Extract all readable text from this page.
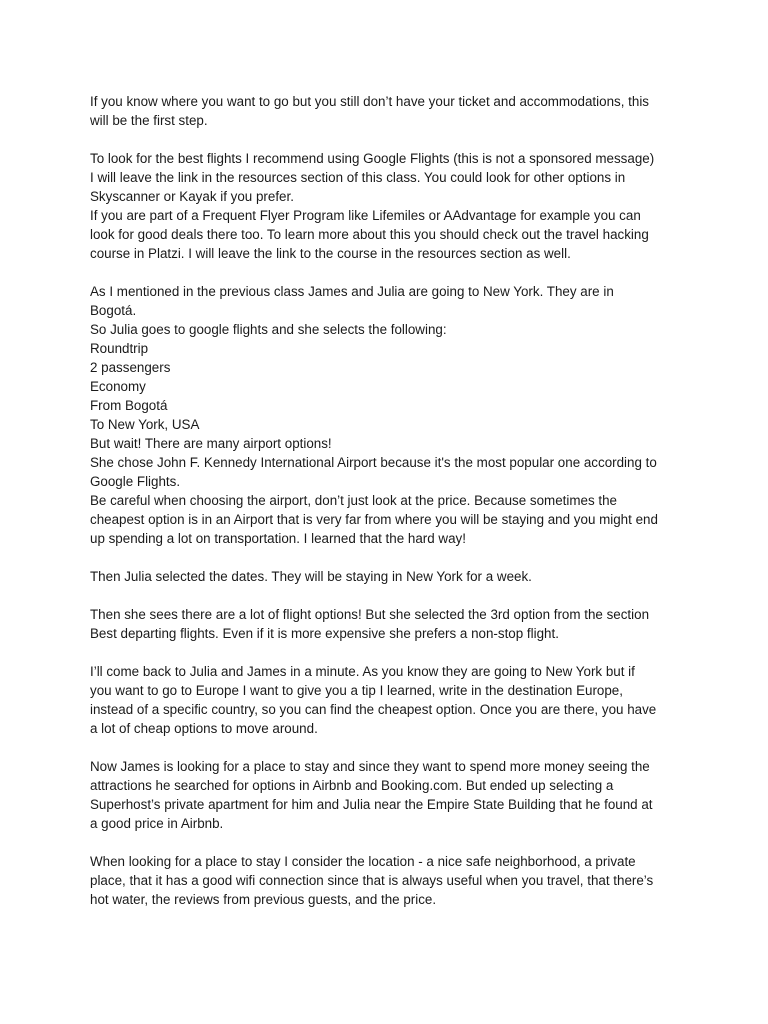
If you know where you want to go but you still don’t have your ticket and accommodations, this
will be the first step.

To look for the best flights I recommend using Google Flights (this is not a sponsored message)
I will leave the link in the resources section of this class. You could look for other options in
Skyscanner or Kayak if you prefer.
If you are part of a Frequent Flyer Program like Lifemiles or AAdvantage for example you can
look for good deals there too. To learn more about this you should check out the travel hacking
course in Platzi. I will leave the link to the course in the resources section as well.

As I mentioned in the previous class James and Julia are going to New York. They are in
Bogotá.
So Julia goes to google flights and she selects the following:
Roundtrip
2 passengers
Economy
From Bogotá
To New York, USA
But wait! There are many airport options!
She chose John F. Kennedy International Airport because it's the most popular one according to
Google Flights.
Be careful when choosing the airport, don’t just look at the price. Because sometimes the
cheapest option is in an Airport that is very far from where you will be staying and you might end
up spending a lot on transportation. I learned that the hard way!

Then Julia selected the dates. They will be staying in New York for a week.

Then she sees there are a lot of flight options! But she selected the 3rd option from the section
Best departing flights. Even if it is more expensive she prefers a non-stop flight.

I’ll come back to Julia and James in a minute. As you know they are going to New York but if
you want to go to Europe I want to give you a tip I learned, write in the destination Europe,
instead of a specific country, so you can find the cheapest option. Once you are there, you have
a lot of cheap options to move around.

Now James is looking for a place to stay and since they want to spend more money seeing the
attractions he searched for options in Airbnb and Booking.com. But ended up selecting a
Superhost’s private apartment for him and Julia near the Empire State Building that he found at
a good price in Airbnb.

When looking for a place to stay I consider the location - a nice safe neighborhood, a private
place, that it has a good wifi connection since that is always useful when you travel, that there’s
hot water, the reviews from previous guests, and the price.
